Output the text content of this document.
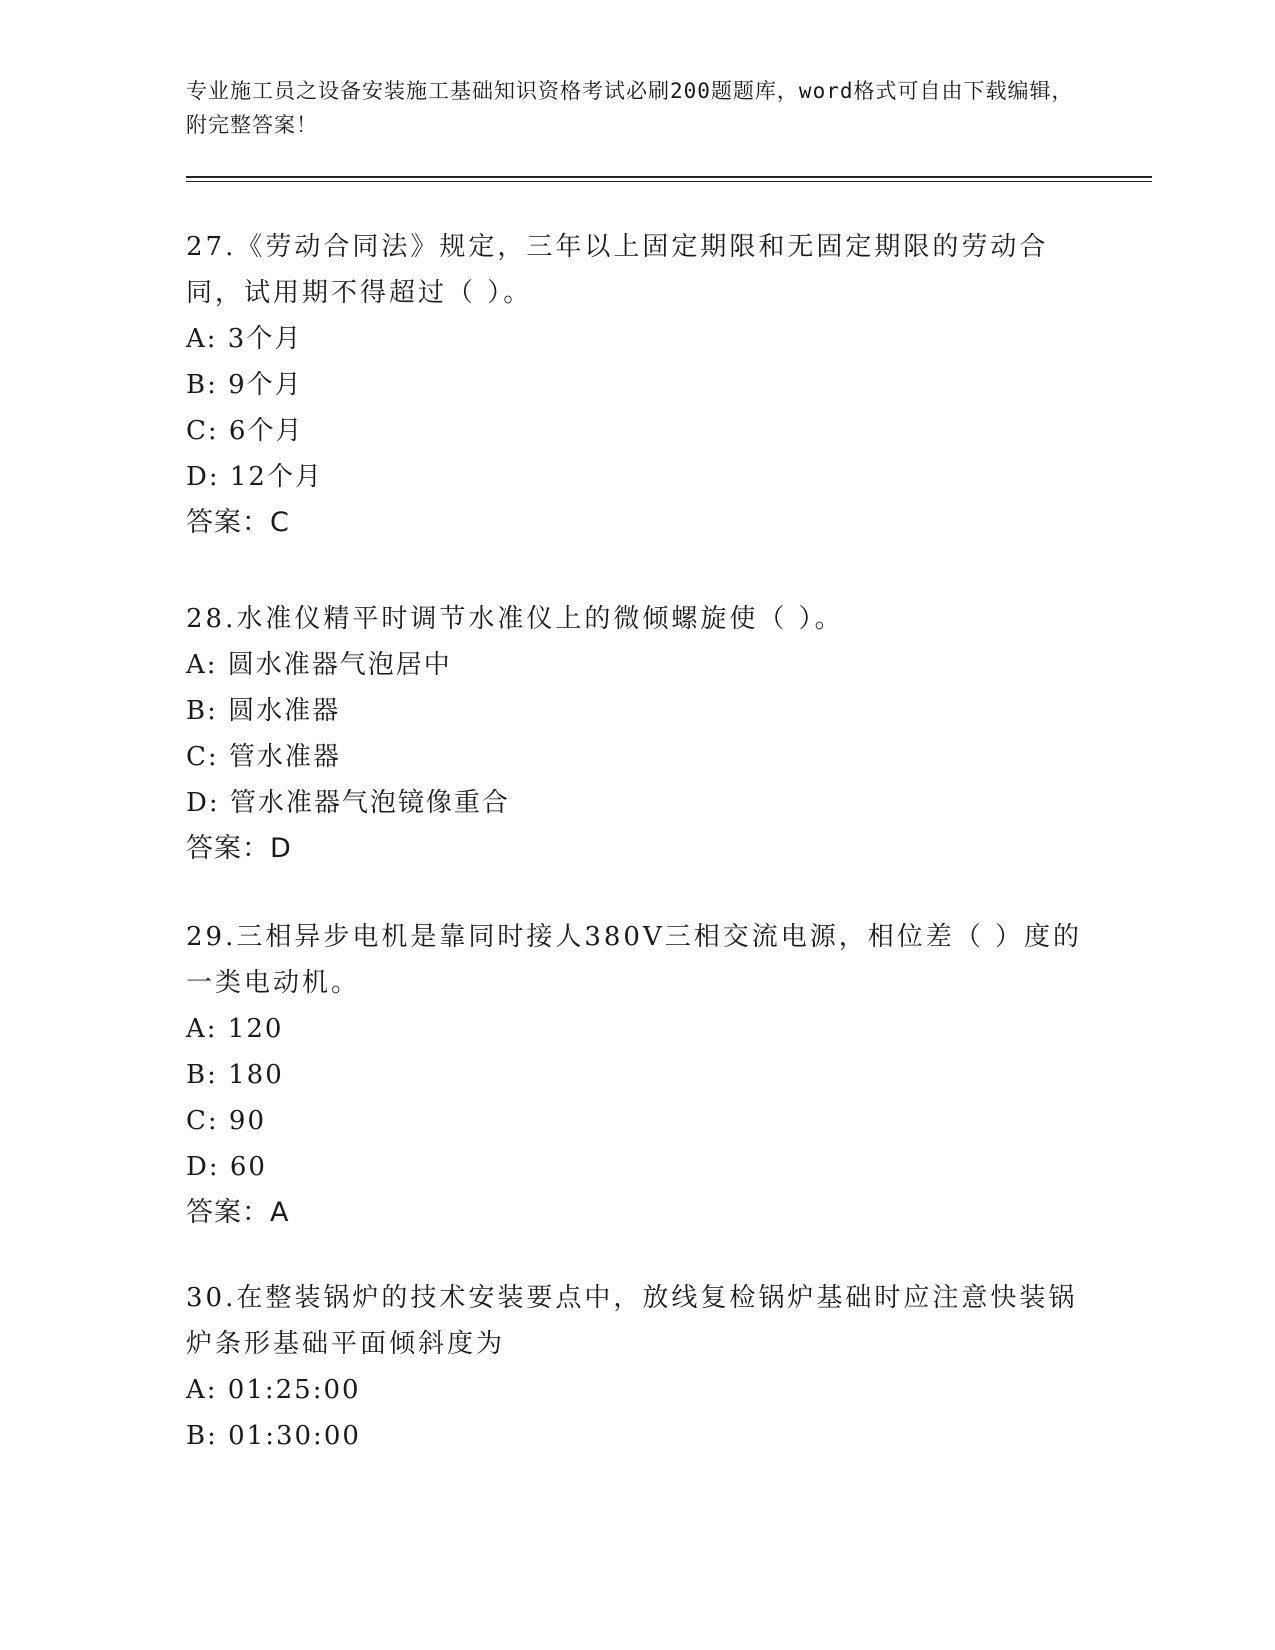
专业施工员之设备安装施工基础知识资格考试必刷200题题库，word格式可自由下载编辑，附完整答案！

27.《劳动合同法》规定，三年以上固定期限和无固定期限的劳动合同，试用期不得超过（ ）。

A: 3个月

B: 9个月

C: 6个月

D: 12个月

答案：C

28.水准仪精平时调节水准仪上的微倾螺旋使（ ）。

A: 圆水准器气泡居中

B: 圆水准器

C: 管水准器

D: 管水准器气泡镜像重合

答案：D

29.三相异步电机是靠同时接人380V三相交流电源，相位差（ ）度的一类电动机。

A: 120

B: 180

C: 90

D: 60

答案：A

30.在整装锅炉的技术安装要点中，放线复检锅炉基础时应注意快装锅炉条形基础平面倾斜度为

A: 01:25:00

B: 01:30:00
